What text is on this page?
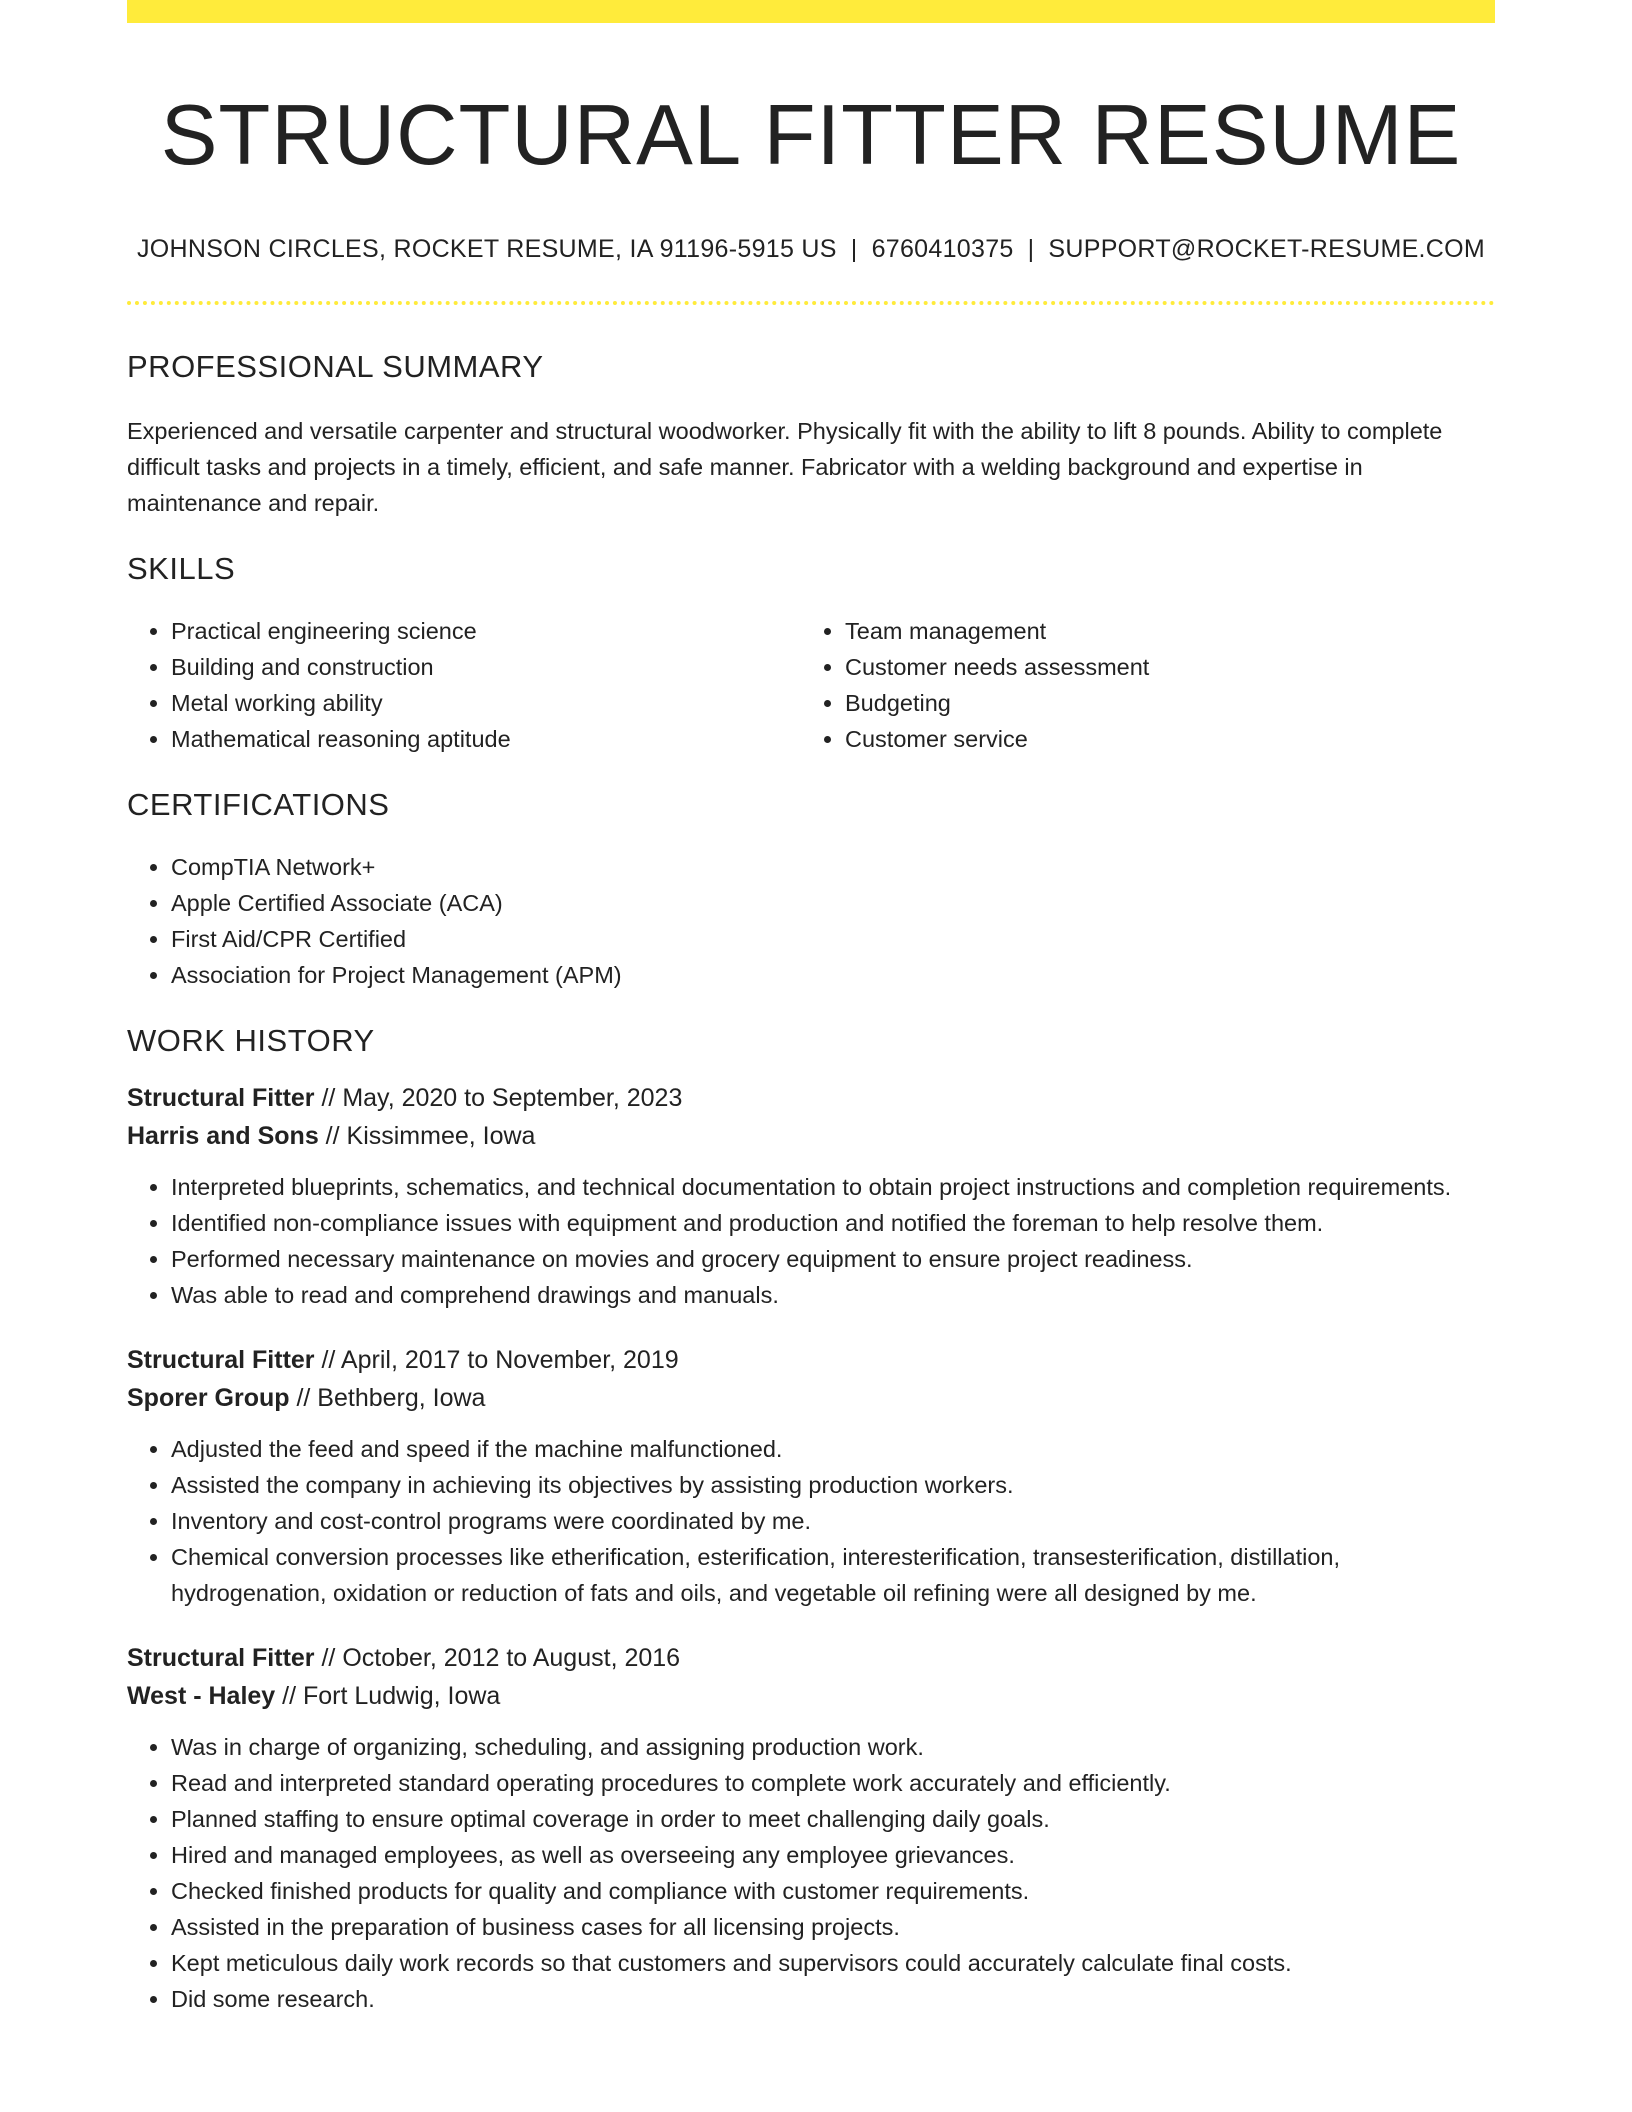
STRUCTURAL FITTER RESUME
JOHNSON CIRCLES, ROCKET RESUME, IA 91196-5915 US | 6760410375 | SUPPORT@ROCKET-RESUME.COM
PROFESSIONAL SUMMARY

Experienced and versatile carpenter and structural woodworker. Physically fit with the ability to lift 8 pounds. Ability to complete difficult tasks and projects in a timely, efficient, and safe manner. Fabricator with a welding background and expertise in maintenance and repair.

SKILLS
• Practical engineering science
• Building and construction
• Metal working ability
• Mathematical reasoning aptitude
• Team management
• Customer needs assessment
• Budgeting
• Customer service
CERTIFICATIONS
• CompTIA Network+
• Apple Certified Associate (ACA)
• First Aid/CPR Certified
• Association for Project Management (APM)
WORK HISTORY
Structural Fitter // May, 2020 to September, 2023
Harris and Sons // Kissimmee, Iowa
• Interpreted blueprints, schematics, and technical documentation to obtain project instructions and completion requirements.
• Identified non-compliance issues with equipment and production and notified the foreman to help resolve them.
• Performed necessary maintenance on movies and grocery equipment to ensure project readiness.
• Was able to read and comprehend drawings and manuals.
Structural Fitter // April, 2017 to November, 2019
Sporer Group // Bethberg, Iowa
• Adjusted the feed and speed if the machine malfunctioned.
• Assisted the company in achieving its objectives by assisting production workers.
• Inventory and cost-control programs were coordinated by me.
• Chemical conversion processes like etherification, esterification, interesterification, transesterification, distillation, hydrogenation, oxidation or reduction of fats and oils, and vegetable oil refining were all designed by me.
Structural Fitter // October, 2012 to August, 2016
West - Haley // Fort Ludwig, Iowa
• Was in charge of organizing, scheduling, and assigning production work.
• Read and interpreted standard operating procedures to complete work accurately and efficiently.
• Planned staffing to ensure optimal coverage in order to meet challenging daily goals.
• Hired and managed employees, as well as overseeing any employee grievances.
• Checked finished products for quality and compliance with customer requirements.
• Assisted in the preparation of business cases for all licensing projects.
• Kept meticulous daily work records so that customers and supervisors could accurately calculate final costs.
• Did some research.
